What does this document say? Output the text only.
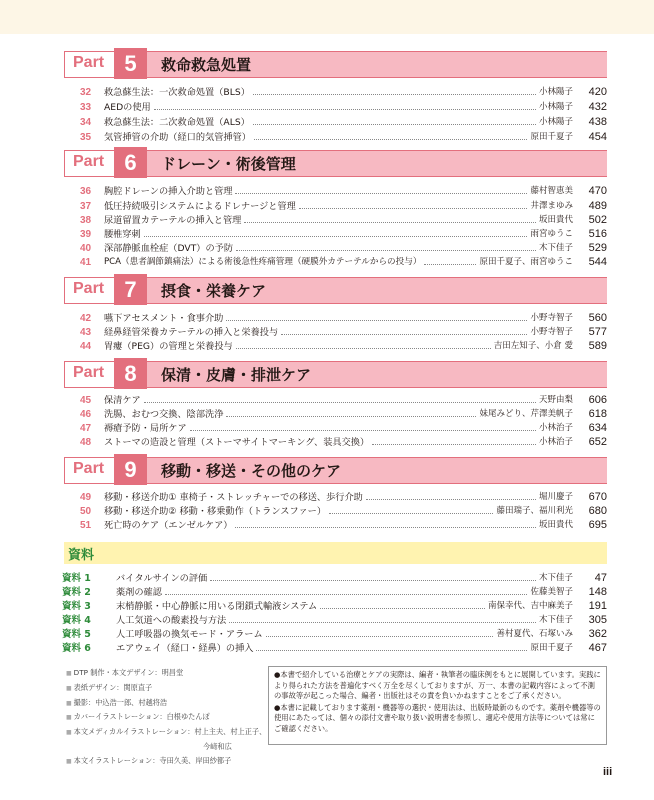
Part 5	救命救急処置
32	救急蘇生法：一次救命処置（BLS）	小林陽子	420
33	AEDの使用	小林陽子	432
34	救急蘇生法：二次救命処置（ALS）	小林陽子	438
35	気管挿管の介助（経口的気管挿管）	原田千夏子	454
Part 6	ドレーン・術後管理
36	胸腔ドレーンの挿入介助と管理	藤村智恵美	470
37	低圧持続吸引システムによるドレナージと管理	井澤まゆみ	489
38	尿道留置カテーテルの挿入と管理	坂田貴代	502
39	腰椎穿刺	雨宮ゆうこ	516
40	深部静脈血栓症（DVT）の予防	木下佳子	529
41	PCA（患者調節鎮痛法）による術後急性疼痛管理（硬膜外カテーテルからの投与）	原田千夏子、雨宮ゆうこ	544
Part 7	摂食・栄養ケア
42	嚥下アセスメント・食事介助	小野寺智子	560
43	経鼻経管栄養カテーテルの挿入と栄養投与	小野寺智子	577
44	胃瘻（PEG）の管理と栄養投与	吉田左知子、小倉 愛	589
Part 8	保清・皮膚・排泄ケア
45	保清ケア	天野由梨	606
46	洗腸、おむつ交換、陰部洗浄	妹尾みどり、芹澤美帆子	618
47	褥瘡予防・局所ケア	小林治子	634
48	ストーマの造設と管理（ストーマサイトマーキング、装具交換）	小林治子	652
Part 9	移動・移送・その他のケア
49	移動・移送介助① 車椅子・ストレッチャーでの移送、歩行介助	堀川慶子	670
50	移動・移送介助② 移動・移乗動作（トランスファー）	藤田瑞子、福川利光	680
51	死亡時のケア（エンゼルケア）	坂田貴代	695
資料
資料 1	バイタルサインの評価	木下佳子	47
資料 2	薬剤の確認	佐藤美智子	148
資料 3	末梢静脈・中心静脈に用いる閉鎖式輸液システム	南保幸代、吉中麻美子	191
資料 4	人工気道への酸素投与方法	木下佳子	305
資料 5	人工呼吸器の換気モード・アラーム	善村夏代、石塚いみ	362
資料 6	エアウェイ（経口・経鼻）の挿入	原田千夏子	467
■ DTP 制作・本文デザイン：明昌堂
■ 表紙デザイン：関原直子
■ 撮影：中込浩一郎、村越将浩
■ カバーイラストレーション：白根ゆたんぽ
■ 本文メディカルイラストレーション：村上主夫、村上正子、
今﨑和広
■ 本文イラストレーション：寺田久美、岸田紗都子

●本書で紹介している治療とケアの実際は、編者・執筆者の臨床例をもとに展開しています。実践により得られた方法を普遍化すべく万全を尽くしておりますが、万一、本書の記載内容によって不測の事故等が起こった場合、編者・出版社はその責を負いかねますことをご了承ください。

●本書に記載しております薬剤・機器等の選択・使用法は、出版時最新のものです。薬剤や機器等の使用にあたっては、個々の添付文書や取り扱い説明書を参照し、適応や使用方法等については常にご確認ください。

iii
